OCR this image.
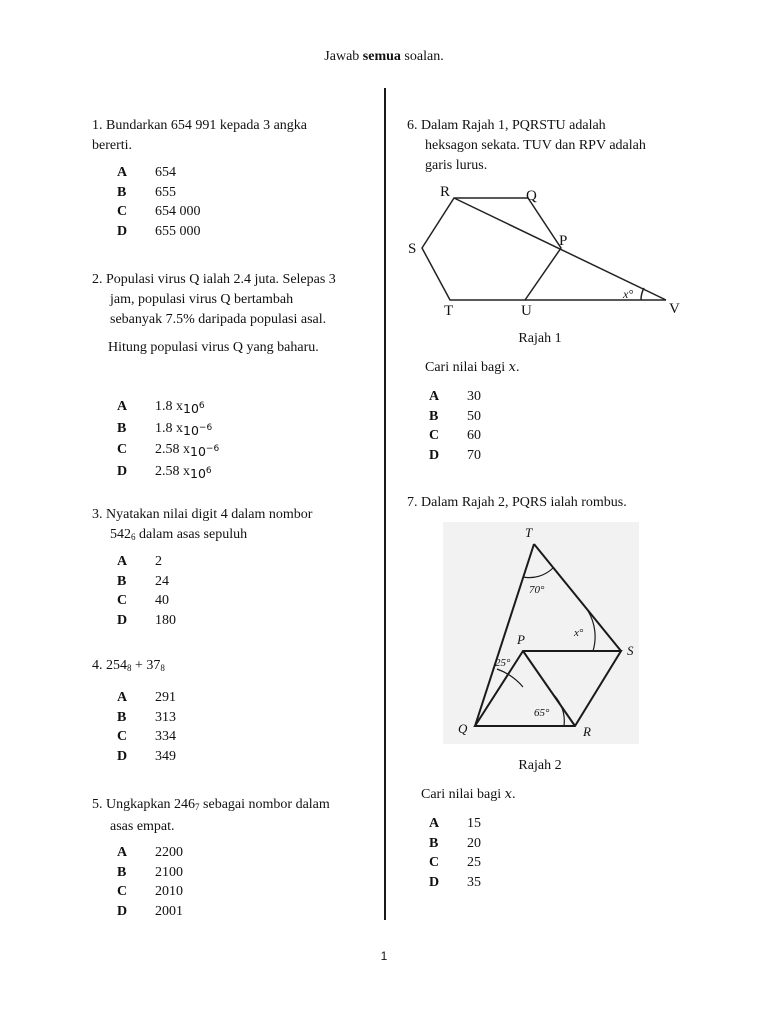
Jawab semua soalan.
1. Bundarkan 654 991 kepada 3 angka
bererti.
A	654
B	655
C	654 000
D	655 000
2. Populasi virus Q ialah 2.4 juta. Selepas 3
jam, populasi virus Q bertambah
sebanyak 7.5% daripada populasi asal.
Hitung populasi virus Q yang baharu.
A	1.8 x $10^6$
B	1.8 x $10^{-6}$
C	2.58 x $10^{-6}$
D	2.58 x $10^6$
3. Nyatakan nilai digit 4 dalam nombor
$542_6$ dalam asas sepuluh
A	2
B	24
C	40
D	180
4. $254_8 + 37_8$
A	291
B	313
C	334
D	349
5. Ungkapkan $246_7$ sebagai nombor dalam
asas empat.
A	2200
B	2100
C	2010
D	2001
6. Dalam Rajah 1, PQRSTU adalah
heksagon sekata. TUV dan RPV adalah
garis lurus.
R	Q
S	P
T	U	V
x°
Rajah 1
Cari nilai bagi x.
A	30
B	50
C	60
D	70
7. Dalam Rajah 2, PQRS ialah rombus.
T
P
S
Q	R
70°
x°
25°
65°
Rajah 2
Cari nilai bagi x.
A	15
B	20
C	25
D	35
1
